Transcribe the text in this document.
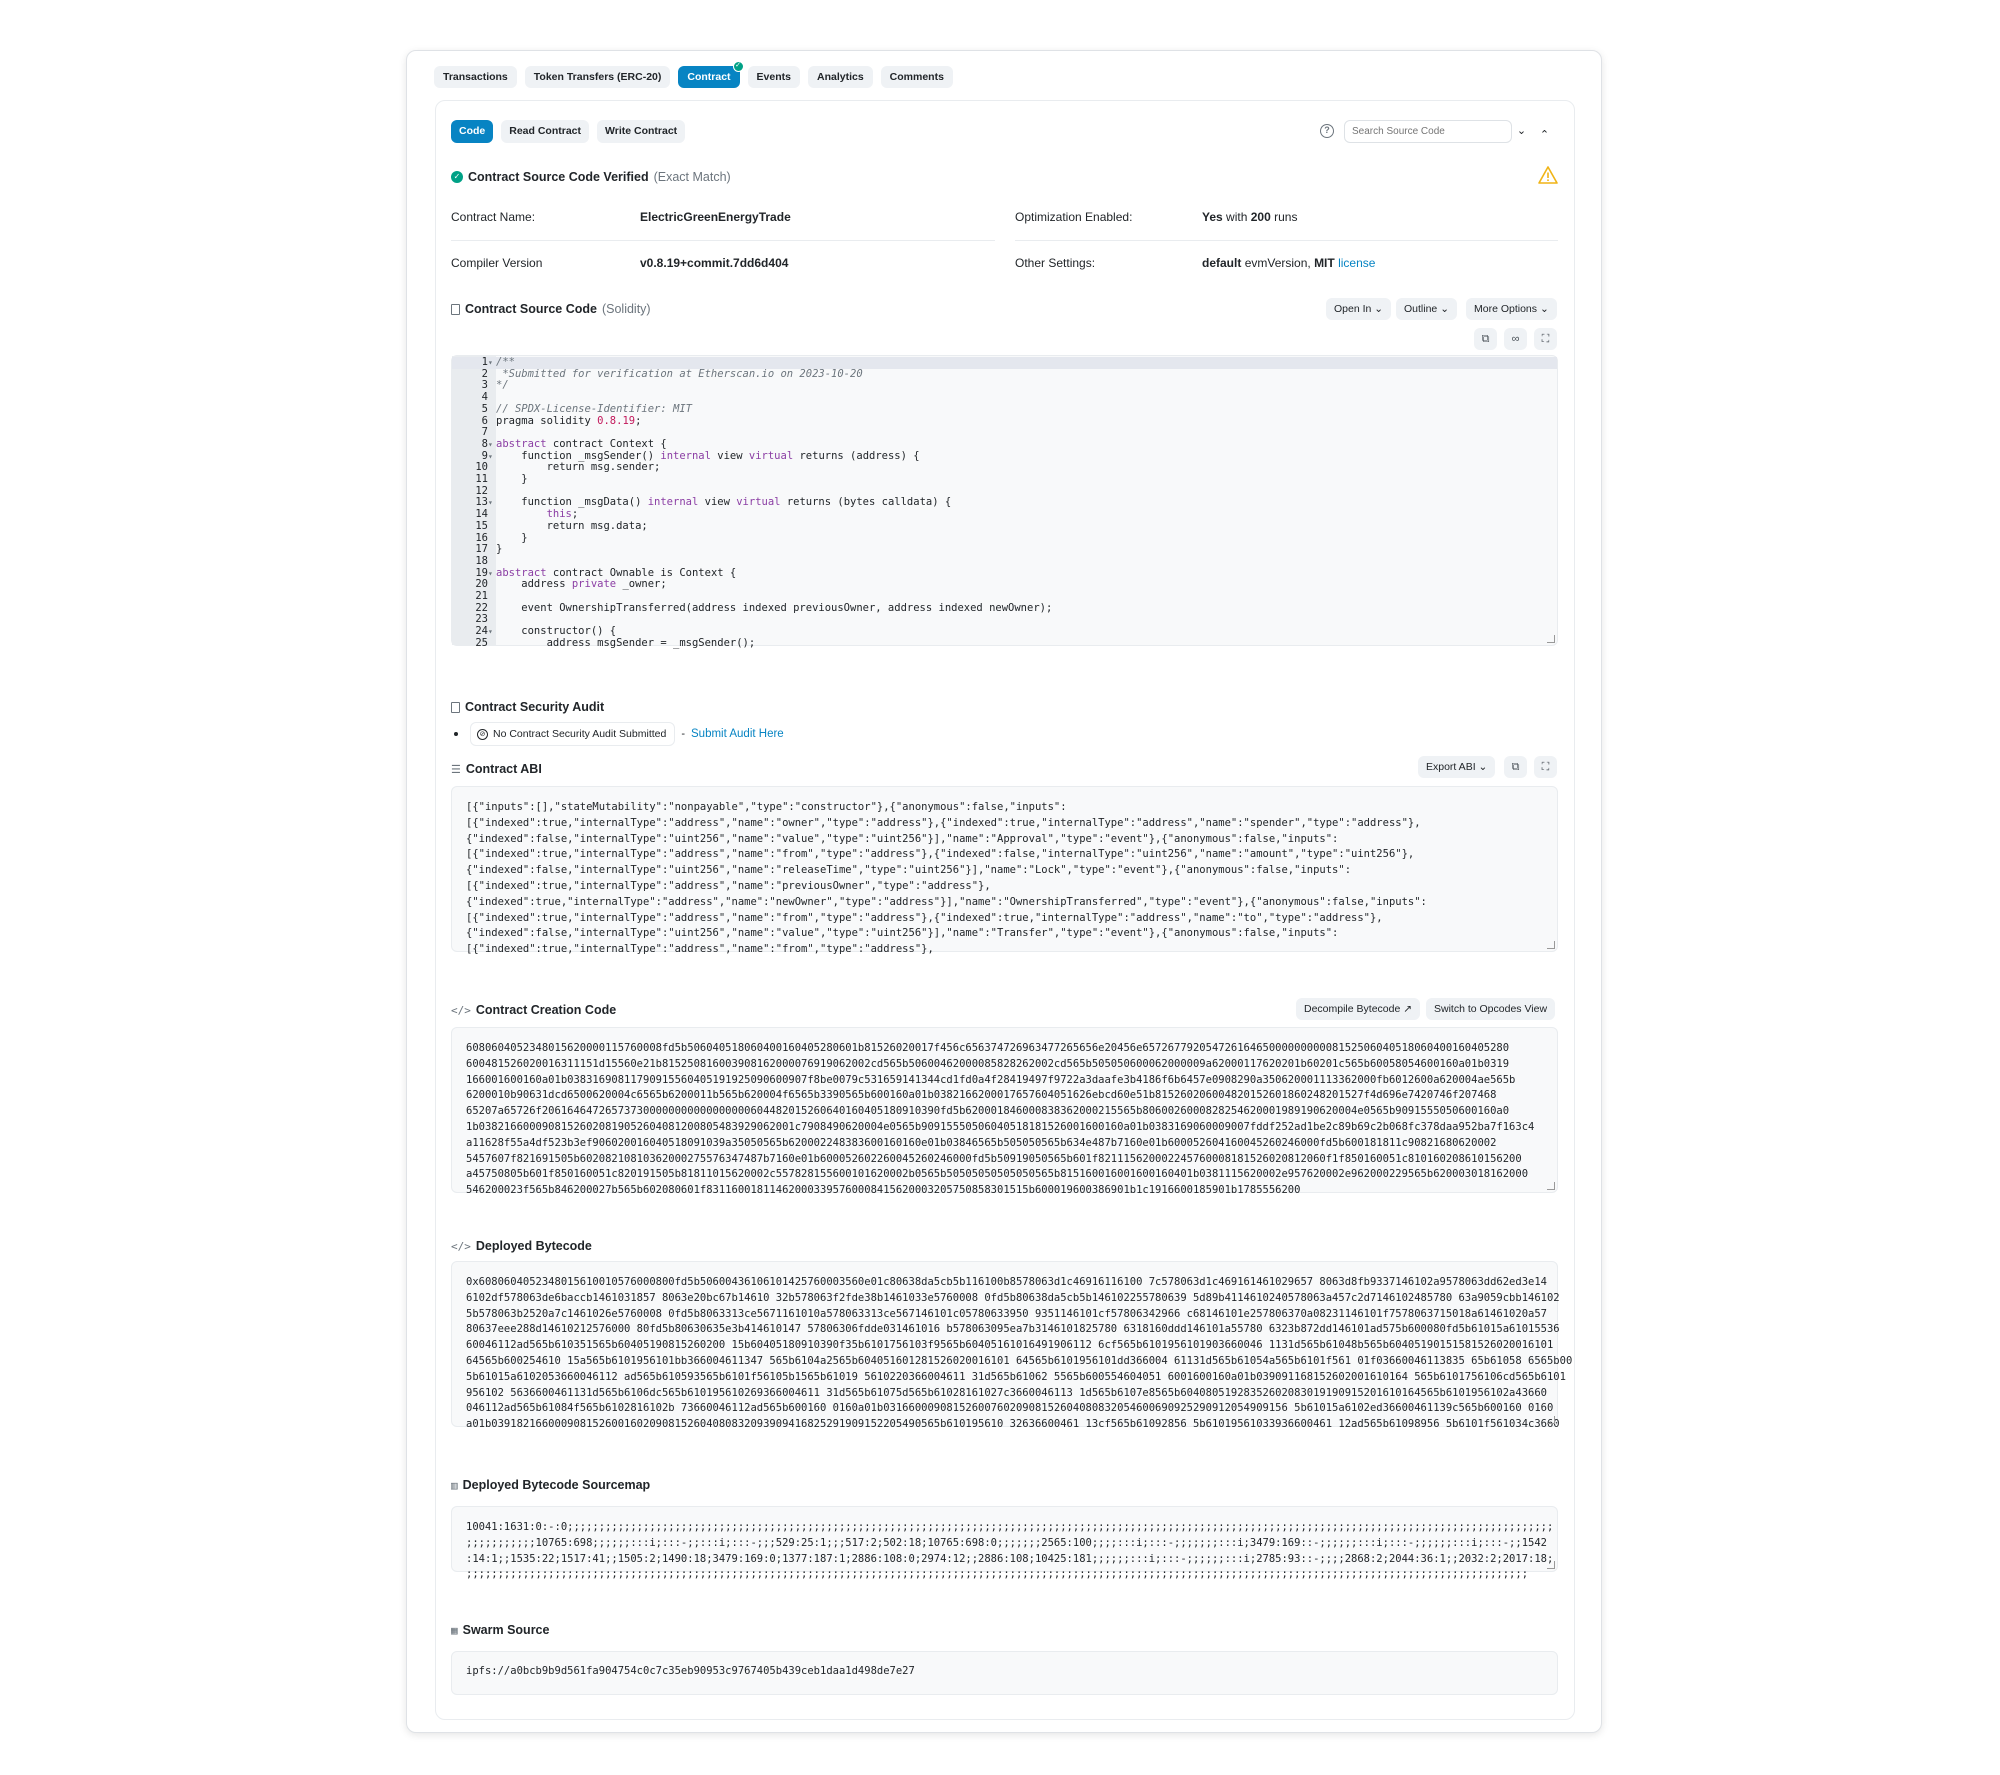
Transactions	Token Transfers (ERC-20)	Contract
✓
Events	Analytics	Comments
Code	Read Contract	Write Contract	?
Search Source Code	⌄	⌃
✓ Contract Source Code Verified (Exact Match)
Contract Name:	ElectricGreenEnergyTrade	Optimization Enabled:	Yes with 200 runs
Compiler Version	v0.8.19+commit.7dd6d404	Other Settings:	default evmVersion, MIT license
Contract Source Code (Solidity)	Open In ⌄	Outline ⌄	More Options ⌄
⧉	∞	⛶
1▾ /**
2  *Submitted for verification at Etherscan.io on 2023-10-20
3 */
4
5 // SPDX-License-Identifier: MIT
6 pragma solidity 0.8.19;
7
8▾ abstract contract Context {
9▾    function _msgSender() internal view virtual returns (address) {
10         return msg.sender;
11     }
12
13▾    function _msgData() internal view virtual returns (bytes calldata) {
14	this;
15         return msg.data;
16     }
17 }
18
19▾ abstract contract Ownable is Context {
20     address private _owner;
21
22     event OwnershipTransferred(address indexed previousOwner, address indexed newOwner);
23
24▾    constructor() {
25         address msgSender = _msgSender();
Contract Security Audit
⊘ No Contract Security Audit Submitted - Submit Audit Here
☰ Contract ABI	Export ABI ⌄	⧉	⛶
[{"inputs":[],"stateMutability":"nonpayable","type":"constructor"},{"anonymous":false,"inputs":
[{"indexed":true,"internalType":"address","name":"owner","type":"address"},{"indexed":true,"internalType":"address","name":"spender","type":"address"},
{"indexed":false,"internalType":"uint256","name":"value","type":"uint256"}],"name":"Approval","type":"event"},{"anonymous":false,"inputs":
[{"indexed":true,"internalType":"address","name":"from","type":"address"},{"indexed":false,"internalType":"uint256","name":"amount","type":"uint256"},
{"indexed":false,"internalType":"uint256","name":"releaseTime","type":"uint256"}],"name":"Lock","type":"event"},{"anonymous":false,"inputs":
[{"indexed":true,"internalType":"address","name":"previousOwner","type":"address"},
{"indexed":true,"internalType":"address","name":"newOwner","type":"address"}],"name":"OwnershipTransferred","type":"event"},{"anonymous":false,"inputs":
[{"indexed":true,"internalType":"address","name":"from","type":"address"},{"indexed":true,"internalType":"address","name":"to","type":"address"},
{"indexed":false,"internalType":"uint256","name":"value","type":"uint256"}],"name":"Transfer","type":"event"},{"anonymous":false,"inputs":
[{"indexed":true,"internalType":"address","name":"from","type":"address"},
</> Contract Creation Code	Decompile Bytecode ↗	Switch to Opcodes View
6080604052348015620000115760008fd5b506040518060400160405280601b81526020017f456c656374726963477265656e20456e6572677920547261646500000000008152506040518060400160405280
600481526020016311151d15560e21b815250816003908162000076919062002cd565b50600462000085828262002cd565b505050600062000009a62000117620201b60201c565b60058054600160a01b0319
166001600160a01b03831690811790915560405191925090600907f8be0079c531659141344cd1fd0a4f28419497f9722a3daafe3b4186f6b6457e0908290a350620001113362000fb6012600a620004ae565b
6200010b90631dcd6500620004c6565b6200011b565b620004f6565b3390565b600160a01b0382166200017657604051626ebcd60e51b815260206004820152601860248201527f4d696e7420746f207468
65207a65726f206164647265737300000000000000000604482015260640160405180910390fd5b620001846000838362000215565b8060026000828254620001989190620004e0565b9091555050600160a0
1b03821660009081526020819052604081200805483929062001c7908490620004e0565b90915550506040518181526001600160a01b0383169060009007fddf252ad1be2c89b69c2b068fc378daa952ba7f163c4
a11628f55a4df523b3ef906020016040518091039a35050565b620002248383600160160e01b03846565b505050565b634e487b7160e01b600052604160045260246000fd5b600181811c90821680620002
5457607f821691505b60208210810362000275576347487b7160e01b600052602260045260246000fd5b50919050565b601f821115620002245760008181526020812060f1f850160051c810160208610156200
a45750805b601f850160051c820191505b81811015620002c557828155600101620002b0565b50505050505050565b815160016001600160401b0381115620002e957620002e962000229565b620003018162000
546200023f565b846200027b565b602080601f831160018114620003395760008415620003205750858301515b600019600386901b1c1916600185901b1785556200
</> Deployed Bytecode
0x6080604052348015610010576000800fd5b50600436106101425760003560e01c80638da5cb5b116100b8578063d1c46916116100 7c578063d1c469161461029657 8063d8fb9337146102a9578063dd62ed3e14
6102df578063de6baccb1461031857 8063e20bc67b14610 32b578063f2fde38b1461033e5760008 0fd5b80638da5cb5b146102255780639 5d89b4114610240578063a457c2d7146102485780 63a9059cbb146102
5b578063b2520a7c1461026e5760008 0fd5b8063313ce5671161010a578063313ce567146101c05780633950 9351146101cf57806342966 c68146101e257806370a08231146101f7578063715018a61461020a57
80637eee288d14610212576000 80fd5b80630635e3b414610147 57806306fdde031461016 b578063095ea7b3146101825780 6318160ddd146101a55780 6323b872dd146101ad575b600080fd5b61015a61015536
60046112ad565b610351565b60405190815260200 15b60405180910390f35b6101756103f9565b60405161016491906112 6cf565b6101956101903660046 1131d565b61048b565b60405190151581526020016101
64565b600254610 15a565b6101956101bb366004611347 565b6104a2565b604051601281526020016101 64565b6101956101dd366004 61131d565b61054a565b6101f561 01f03660046113835 65b61058 6565b00
5b61015a6102053660046112 ad565b610593565b6101f56105b1565b61019 5610220366004611 31d565b61062 5565b600554604051 6001600160a01b039091168152602001610164 565b6101756106cd565b6101
956102 5636600461131d565b6106dc565b610195610269366004611 31d565b61075d565b61028161027c3660046113 1d565b6107e8565b60408051928352602083019190915201610164565b6101956102a43660
046112ad565b61084f565b6102816102b 73660046112ad565b600160 0160a01b0316600090815260076020908152604080832054600690925290912054909156 5b61015a6102ed36600461139c565b600160 0160
a01b03918216600090815260016020908152604080832093909416825291909152205490565b610195610 32636600461 13cf565b61092856 5b61019561033936600461 12ad565b61098956 5b6101f561034c3660
▥ Deployed Bytecode Sourcemap
10041:1631:0:-:0;;;;;;;;;;;;;;;;;;;;;;;;;;;;;;;;;;;;;;;;;;;;;;;;;;;;;;;;;;;;;;;;;;;;;;;;;;;;;;;;;;;;;;;;;;;;;;;;;;;;;;;;;;;;;;;;;;;;;;;;;;;;;;;;;;;;;;;;;;;;;;;;;;;;;;;;;;;;
;;;;;;;;;;;10765:698;;;;;;:::i;:::-;;:::i;:::-;;;529:25:1;;;517:2;502:18;10765:698:0;;;;;;;2565:100;;;;:::i;:::-;;;;;;;:::i;3479:169::-;;;;;;:::i;:::-;;;;;;:::i;:::-;;1542
:14:1;;1535:22;1517:41;;1505:2;1490:18;3479:169:0;1377:187:1;2886:108:0;2974:12;;2886:108;10425:181;;;;;;:::i;:::-;;;;;;:::i;2785:93::-;;;;2868:2;2044:36:1;;2032:2;2017:18;
;;;;;;;;;;;;;;;;;;;;;;;;;;;;;;;;;;;;;;;;;;;;;;;;;;;;;;;;;;;;;;;;;;;;;;;;;;;;;;;;;;;;;;;;;;;;;;;;;;;;;;;;;;;;;;;;;;;;;;;;;;;;;;;;;;;;;;;;;;;;;;;;;;;;;;;;;;;;;;;;;;;;;;;;
▦ Swarm Source
ipfs://a0bcb9b9d561fa904754c0c7c35eb90953c9767405b439ceb1daa1d498de7e27
